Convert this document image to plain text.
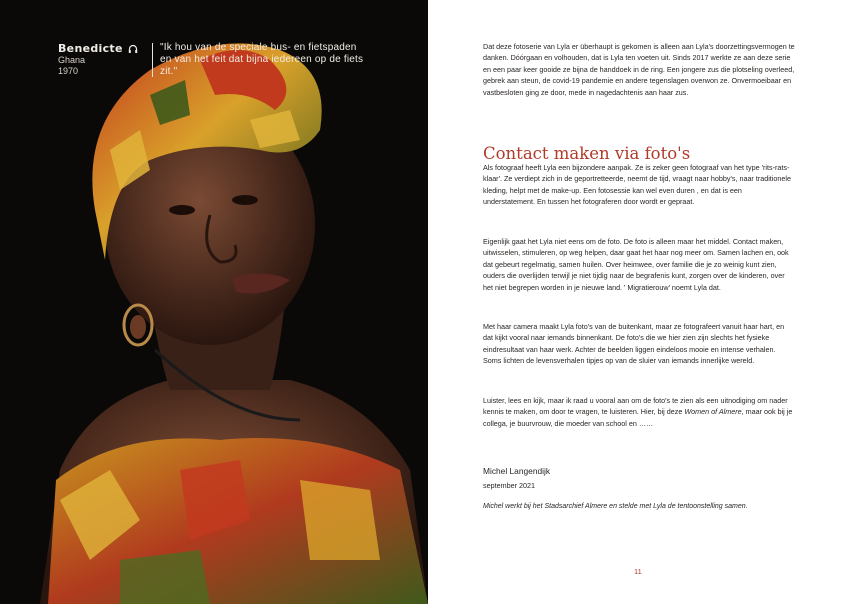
Benedicte
Ghana
1970
"Ik hou van de speciale bus- en fietspaden en van het feit dat bijna iedereen op de fiets zit."

Dat deze fotoserie van Lyla er überhaupt is gekomen is alleen aan Lyla's doorzettingsvermogen te danken. Dóórgaan en volhouden, dat is Lyla ten voeten uit. Sinds 2017 werkte ze aan deze serie en een paar keer gooide ze bijna de handdoek in de ring. Een jongere zus die plotseling overleed, gebrek aan steun, de covid-19 pandemie en andere tegenslagen overwon ze. Onvermoeibaar en vastbesloten ging ze door, mede in nagedachtenis aan haar zus.

Contact maken via foto's

Als fotograaf heeft Lyla een bijzondere aanpak. Ze is zeker geen fotograaf van het type 'rits-rats-klaar'. Ze verdiept zich in de geportretteerde, neemt de tijd, vraagt naar hobby's, naar traditionele kleding, helpt met de make-up. Een fotosessie kan wel even duren , en dat is een understatement. En tussen het fotograferen door wordt er gepraat.

Eigenlijk gaat het Lyla niet eens om de foto. De foto is alleen maar het middel. Contact maken, uitwisselen, stimuleren, op weg helpen, daar gaat het haar nog meer om. Samen lachen en, ook dat gebeurt regelmatig, samen huilen. Over heimwee, over familie die je zo weinig kunt zien, ouders die overlijden terwijl je niet tijdig naar de begrafenis kunt, zorgen over de kinderen, over het niet begrepen worden in je nieuwe land. ' Migratierouw' noemt Lyla dat.

Met haar camera maakt Lyla foto's van de buitenkant, maar ze fotografeert vanuit haar hart, en dat kijkt vooral naar iemands binnenkant. De foto's die we hier zien zijn slechts het fysieke eindresultaat van haar werk. Achter de beelden liggen eindeloos mooie en intense verhalen. Soms lichten de levensverhalen tipjes op van de sluier van iemands innerlijke wereld.

Luister, lees en kijk, maar ik raad u vooral aan om de foto's te zien als een uitnodiging om nader kennis te maken, om door te vragen, te luisteren. Hier, bij deze Women of Almere, maar ook bij je collega, je buurvrouw, die moeder van school en ……

Michel Langendijk
september 2021
Michel werkt bij het Stadsarchief Almere en stelde met Lyla de tentoonstelling samen.
11
